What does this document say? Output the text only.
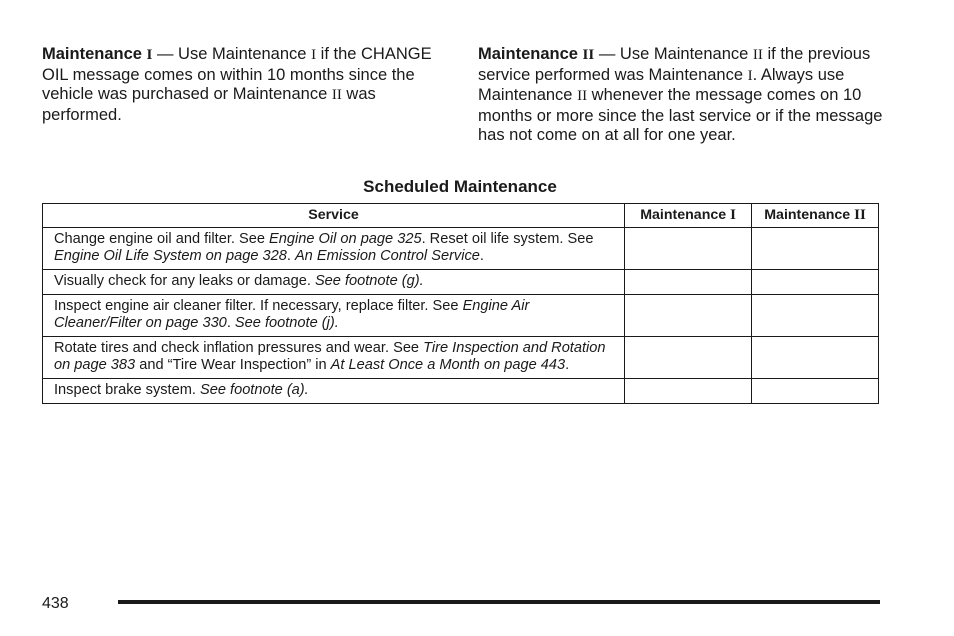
Maintenance I — Use Maintenance I if the CHANGE OIL message comes on within 10 months since the vehicle was purchased or Maintenance II was performed.
Maintenance II — Use Maintenance II if the previous service performed was Maintenance I. Always use Maintenance II whenever the message comes on 10 months or more since the last service or if the message has not come on at all for one year.
Scheduled Maintenance
Service	Maintenance I	Maintenance II
Change engine oil and filter. See Engine Oil on page 325. Reset oil life system. See Engine Oil Life System on page 328. An Emission Control Service.		
Visually check for any leaks or damage. See footnote (g).		
Inspect engine air cleaner filter. If necessary, replace filter. See Engine Air Cleaner/Filter on page 330. See footnote (j).		
Rotate tires and check inflation pressures and wear. See Tire Inspection and Rotation on page 383 and “Tire Wear Inspection” in At Least Once a Month on page 443.		
Inspect brake system. See footnote (a).		
438
